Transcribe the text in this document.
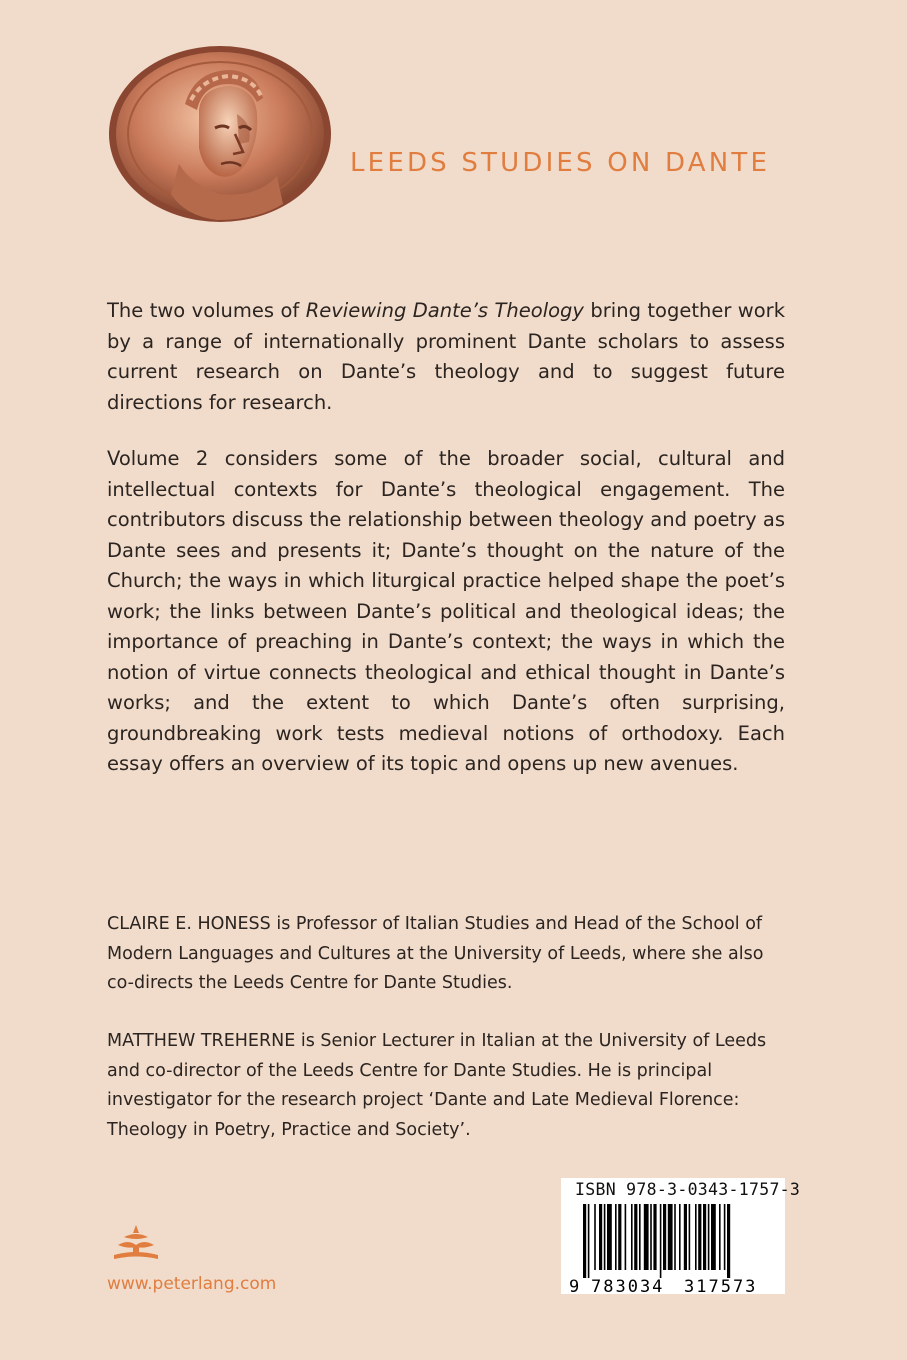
LEEDS STUDIES ON DANTE

The two volumes of Reviewing Dante’s Theology bring together work by a range of internationally prominent Dante scholars to assess current research on Dante’s theology and to suggest future directions for research.

Volume 2 considers some of the broader social, cultural and intellectual contexts for Dante’s theological engagement. The contributors discuss the relationship between theology and poetry as Dante sees and presents it; Dante’s thought on the nature of the Church; the ways in which liturgical practice helped shape the poet’s work; the links between Dante’s political and theological ideas; the importance of preaching in Dante’s context; the ways in which the notion of virtue connects theological and ethical thought in Dante’s works; and the extent to which Dante’s often surprising, groundbreaking work tests medieval notions of orthodoxy. Each essay offers an overview of its topic and opens up new avenues.

CLAIRE E. HONESS is Professor of Italian Studies and Head of the School of Modern Languages and Cultures at the University of Leeds, where she also co-directs the Leeds Centre for Dante Studies.

MATTHEW TREHERNE is Senior Lecturer in Italian at the University of Leeds and co-director of the Leeds Centre for Dante Studies. He is principal investigator for the research project ‘Dante and Late Medieval Florence: Theology in Poetry, Practice and Society’.

www.peterlang.com
ISBN 978-3-0343-1757-3
9 783034 317573
